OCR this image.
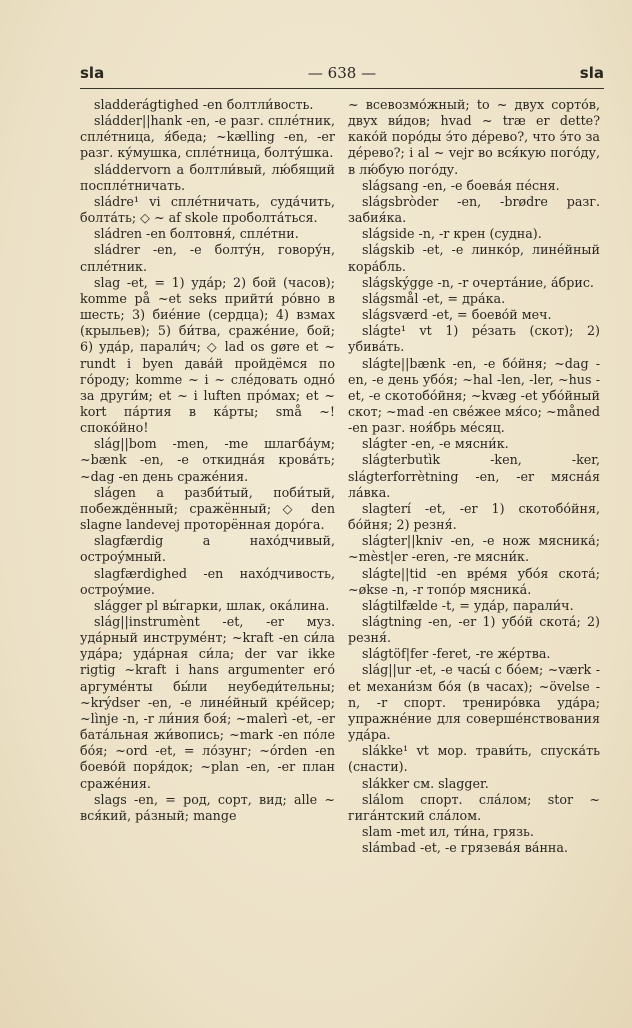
sla	— 638 —	sla

sladderágtighed -en болтли́вость.

sládder||hank -en, -e разг. сплéтник, сплéтница, я́беда; ~kælling -en, -er разг. ку́мушка, сплéтница, болту́шка.

sláddervorn a болтли́вый, лю́бящий посплéтничать.

sládre¹ vi сплéтничать, суда́чить, болта́ть; ◇ ~ af skole проболта́ться.

sládren -en болтовня́, сплéтни.

sládrer -en, -e болту́н, говору́н, сплéтник.

slag -et, = 1) уда́р; 2) бой (часов); komme på ~et seks прийти́ ро́вно в шесть; 3) биéние (сердца); 4) взмах (крыльев); 5) би́тва, сражéние, бой; 6) уда́р, парали́ч; ◇ lad os gøre et ~ rundt i byen дава́й пройдёмся по го́роду; komme ~ i ~ слéдовать одно́ за други́м; et ~ i luften про́мах; et ~ kort па́ртия в ка́рты; små ~! споко́йно!

slág||bom -men, -me шлагба́ум; ~bænk -en, -e откидна́я крова́ть; ~dag -en день сражéния.

slágen a разби́тый, поби́тый, побеждённый; сражённый; ◇ den slagne landevej проторённая доро́га.

slagfærdig a нахо́дчивый, остроу́мный.

slagfærdighed -en нахо́дчивость, остроу́мие.

slágger pl вы́гарки, шлак, ока́лина.

slág||instrumènt -et, -er муз. уда́рный инструмéнт; ~kraft -en си́ла уда́ра; уда́рная си́ла; der var ikke rigtig ~kraft i hans argumenter его́ аргумéнты бы́ли неубеди́тельны; ~krýdser -en, -e линéйный крéйсер; ~lìnje -n, -r ли́ния боя́; ~malerì -et, -er бата́льная жи́вопись; ~mark -en по́ле бо́я; ~ord -et, = ло́зунг; ~órden -en боево́й поря́док; ~plan -en, -er план сражéния.

slags -en, = род, сорт, вид; alle ~ вся́кий, ра́зный; mange

~ всевозмо́жный; to ~ двух сорто́в, двух ви́дов; hvad ~ træ er dette? како́й поро́ды э́то дéрево?, что э́то за дéрево?; i al ~ vejr во вся́кую пого́ду, в лю́бую пого́ду.

slágsang -en, -e боева́я пéсня.

slágsbròder -en, -brødre разг. забия́ка.

slágside -n, -r крен (судна).

slágskib -et, -e линко́р, линéйный кора́бль.

slágskýgge -n, -r очерта́ние, а́брис.

slágsmål -et, = дра́ка.

slágsværd -et, = боево́й меч.

slágte¹ vt 1) рéзать (скот); 2) убива́ть.

slágte||bænk -en, -e бо́йня; ~dag -en, -e день убо́я; ~hal -len, -ler, ~hus -et, -e скотобо́йня; ~kvæg -et убо́йный скот; ~mad -en свéжее мя́со; ~måned -en разг. ноя́брь мéсяц.

slágter -en, -e мясни́к.

slágterbutìk -ken, -ker, slágterforrètning -en, -er мясна́я ла́вка.

slagterí -et, -er 1) скотобо́йня, бо́йня; 2) резня́.

slágter||kniv -en, -e нож мясника́; ~mèst|er -eren, -re мясни́к.

slágte||tid -en врéмя убо́я скота́; ~økse -n, -r топо́р мясника́.

slágtilfælde -t, = уда́р, парали́ч.

slágtning -en, -er 1) убо́й скота́; 2) резня́.

slágtöf|fer -feret, -re жéртва.

slág||ur -et, -e часы́ с бо́ем; ~værk -et механи́зм бо́я (в часах); ~övelse -n, -r спорт. трениро́вка уда́ра; упражнéние для соверше́нствования уда́ра.

slákke¹ vt мор. трави́ть, спуска́ть (снасти).

slákker см. slagger.

slálom спорт. сла́лом; stor ~ гига́нтский сла́лом.

slam -met ил, ти́на, грязь.

slámbad -et, -e грязева́я ва́нна.
